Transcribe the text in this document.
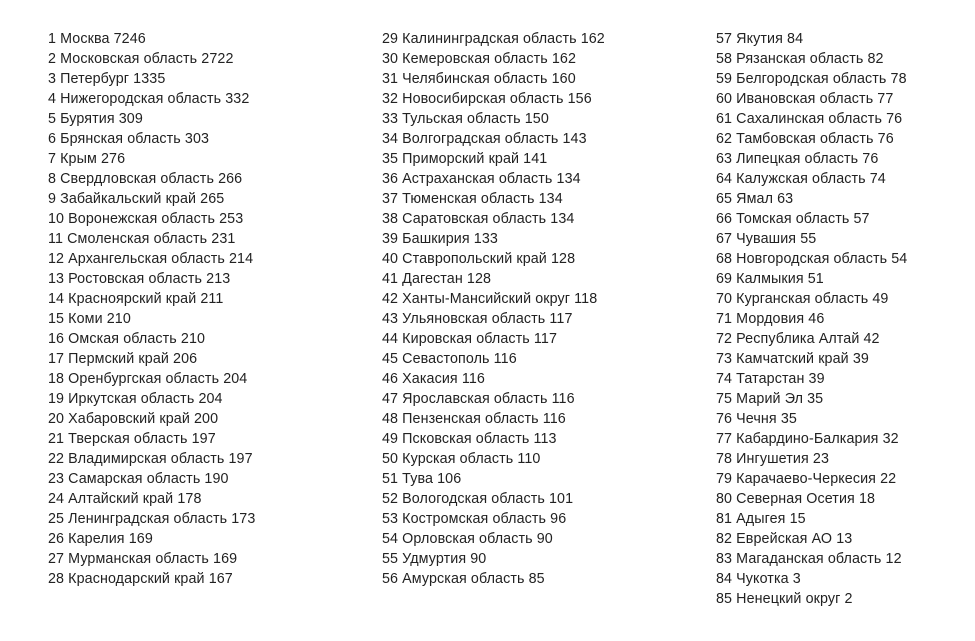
1 Москва 7246
2 Московская область 2722
3 Петербург 1335
4 Нижегородская область 332
5 Бурятия 309
6 Брянская область 303
7 Крым 276
8 Свердловская область 266
9 Забайкальский край 265
10 Воронежская область 253
11 Смоленская область 231
12 Архангельская область 214
13 Ростовская область 213
14 Красноярский край 211
15 Коми 210
16 Омская область 210
17 Пермский край 206
18 Оренбургская область 204
19 Иркутская область 204
20 Хабаровский край 200
21 Тверская область 197
22 Владимирская область 197
23 Самарская область 190
24 Алтайский край 178
25 Ленинградская область 173
26 Карелия 169
27 Мурманская область 169
28 Краснодарский край 167
29 Калининградская область 162
30 Кемеровская область 162
31 Челябинская область 160
32 Новосибирская область 156
33 Тульская область 150
34 Волгоградская область 143
35 Приморский край 141
36 Астраханская область 134
37 Тюменская область 134
38 Саратовская область 134
39 Башкирия 133
40 Ставропольский край 128
41 Дагестан 128
42 Ханты-Мансийский округ 118
43 Ульяновская область 117
44 Кировская область 117
45 Севастополь 116
46 Хакасия 116
47 Ярославская область 116
48 Пензенская область 116
49 Псковская область 113
50 Курская область 110
51 Тува 106
52 Вологодская область 101
53 Костромская область 96
54 Орловская область 90
55 Удмуртия 90
56 Амурская область 85
57 Якутия 84
58 Рязанская область 82
59 Белгородская область 78
60 Ивановская область 77
61 Сахалинская область 76
62 Тамбовская область 76
63 Липецкая область 76
64 Калужская область 74
65 Ямал 63
66 Томская область 57
67 Чувашия 55
68 Новгородская область 54
69 Калмыкия 51
70 Курганская область 49
71 Мордовия 46
72 Республика Алтай 42
73 Камчатский край 39
74 Татарстан 39
75 Марий Эл 35
76 Чечня 35
77 Кабардино-Балкария 32
78 Ингушетия 23
79 Карачаево-Черкесия 22
80 Северная Осетия 18
81 Адыгея 15
82 Еврейская АО 13
83 Магаданская область 12
84 Чукотка 3
85 Ненецкий округ 2
